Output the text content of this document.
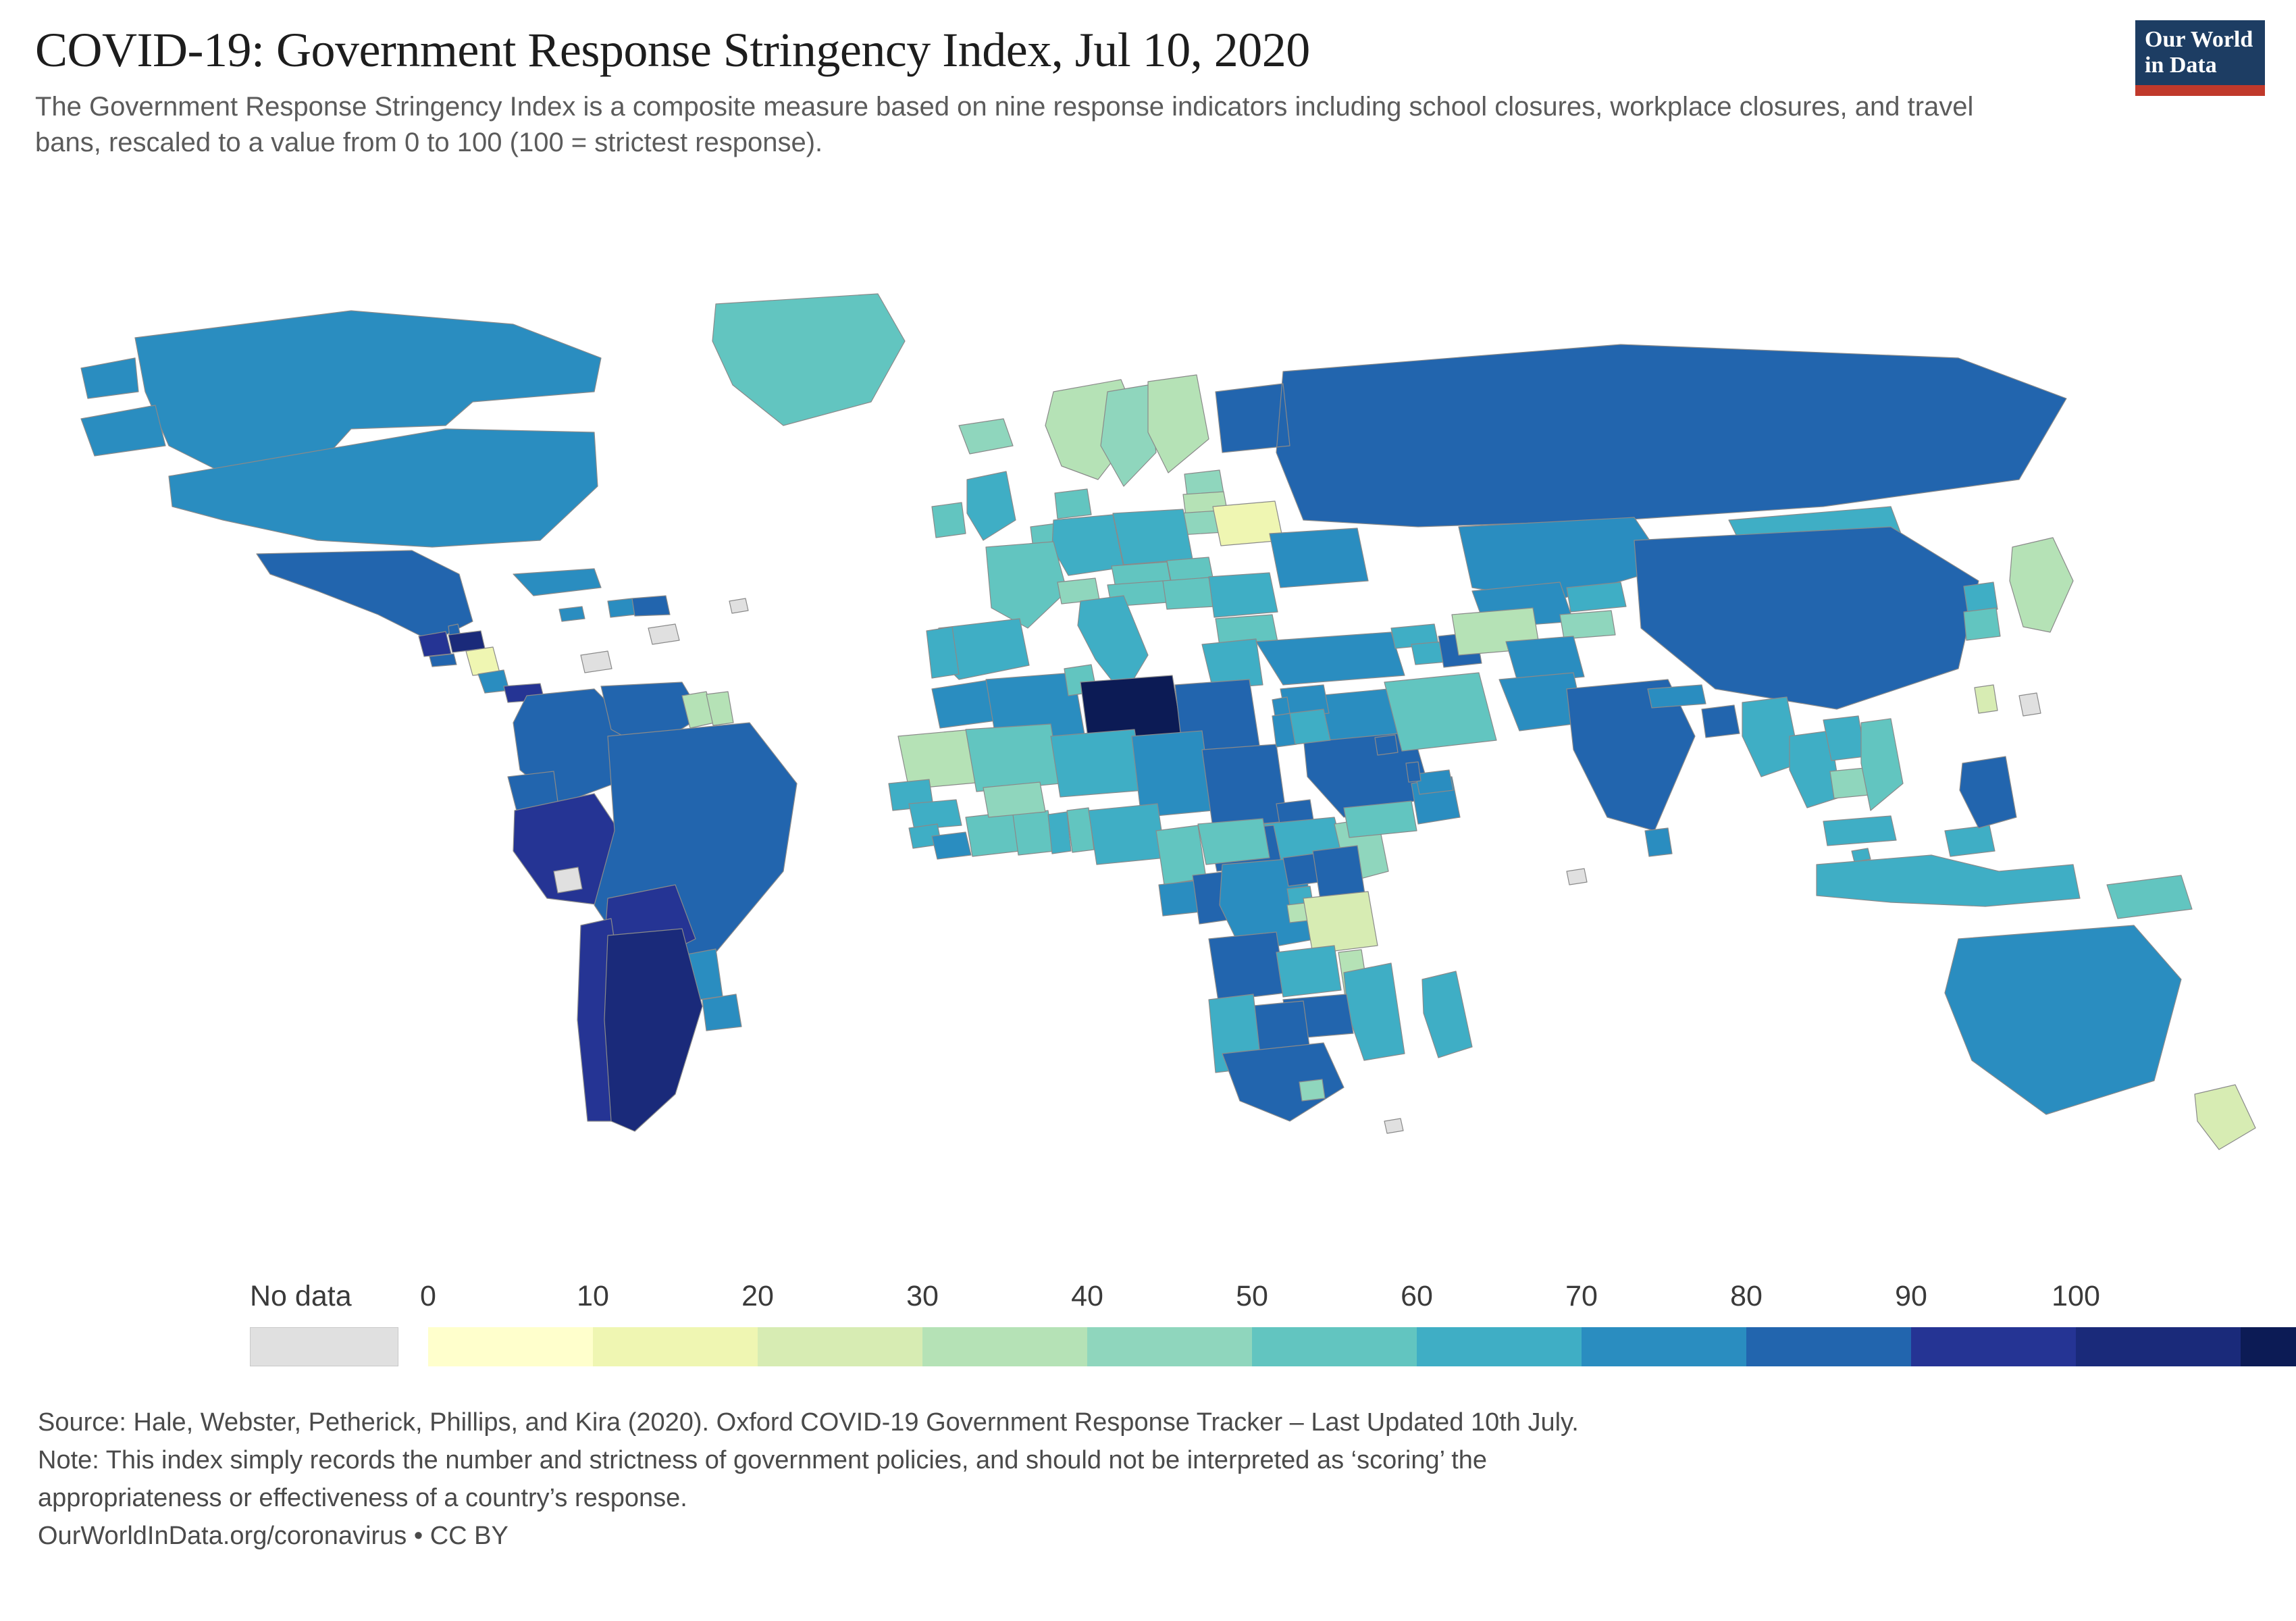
COVID-19: Government Response Stringency Index, Jul 10, 2020

The Government Response Stringency Index is a composite measure based on nine response indicators including school closures, workplace closures, and travel bans, rescaled to a value from 0 to 100 (100 = strictest response).

Our World
in Data
No data 0	10	20	30	40	50	60	70	80	90	100
Source: Hale, Webster, Petherick, Phillips, and Kira (2020). Oxford COVID-19 Government Response Tracker – Last Updated 10th July.
Note: This index simply records the number and strictness of government policies, and should not be interpreted as ‘scoring’ the
appropriateness or effectiveness of a country’s response.
OurWorldInData.org/coronavirus • CC BY
